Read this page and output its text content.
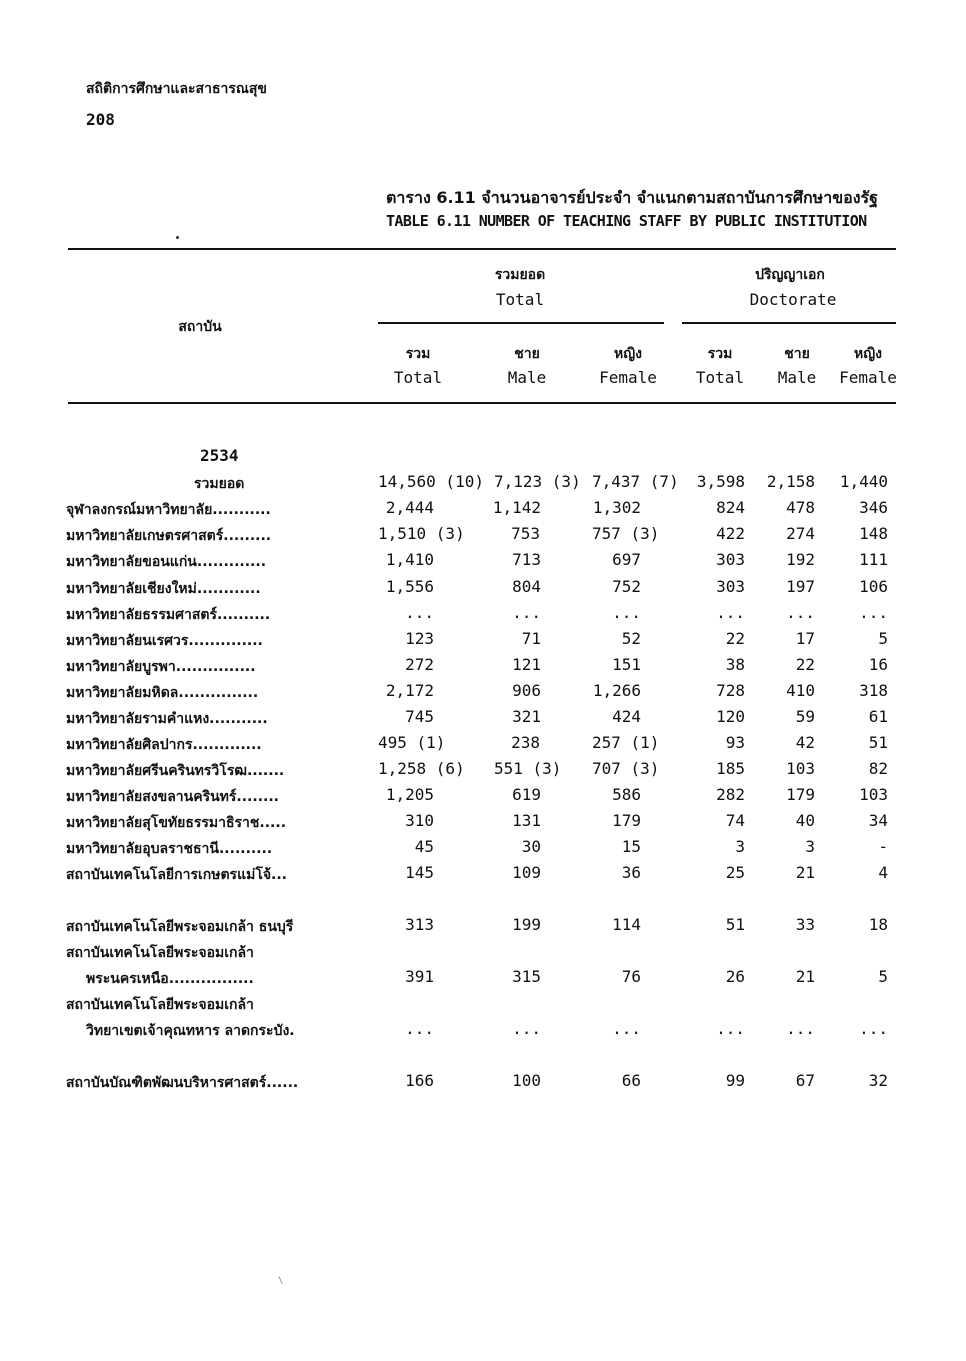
สถิติการศึกษาและสาธารณสุข
208
ตาราง 6.11 จำนวนอาจารย์ประจำ จำแนกตามสถาบันการศึกษาของรัฐ
TABLE 6.11 NUMBER OF TEACHING STAFF BY PUBLIC INSTITUTION
สถาบัน
รวมยอด
Total
ปริญญาเอก
Doctorate
รวม
Total
ชาย
Male
หญิง
Female
รวม
Total
ชาย
Male
หญิง
Female
2534
รวมยอด	14,560 (10) 7,123 (3) 7,437 (7)	3,598	2,158	1,440
จุฬาลงกรณ์มหาวิทยาลัย...........	2,444	1,142	1,302	824	478	346
มหาวิทยาลัยเกษตรศาสตร์.........	1,510 (3)	753	757 (3)	422	274	148
มหาวิทยาลัยขอนแก่น.............	1,410	713	697	303	192	111
มหาวิทยาลัยเชียงใหม่............	1,556	804	752	303	197	106
มหาวิทยาลัยธรรมศาสตร์..........	...	...	...	...	...	...
มหาวิทยาลัยนเรศวร..............	123	71	52	22	17	5
มหาวิทยาลัยบูรพา...............	272	121	151	38	22	16
มหาวิทยาลัยมหิดล...............	2,172	906	1,266	728	410	318
มหาวิทยาลัยรามคำแหง...........	745	321	424	120	59	61
มหาวิทยาลัยศิลปากร.............	495 (1)	238	257 (1)	93	42	51
มหาวิทยาลัยศรีนครินทรวิโรฒ.......	1,258 (6) 551 (3) 707 (3)	185	103	82
มหาวิทยาลัยสงขลานครินทร์........	1,205	619	586	282	179	103
มหาวิทยาลัยสุโขทัยธรรมาธิราช.....	310	131	179	74	40	34
มหาวิทยาลัยอุบลราชธานี..........	45	30	15	3	3	-
สถาบันเทคโนโลยีการเกษตรแม่โจ้...	145	109	36	25	21	4
สถาบันเทคโนโลยีพระจอมเกล้า ธนบุรี	313	199	114	51	33	18
สถาบันเทคโนโลยีพระจอมเกล้า
พระนครเหนือ................	391	315	76	26	21	5
สถาบันเทคโนโลยีพระจอมเกล้า
วิทยาเขตเจ้าคุณทหาร ลาดกระบัง.	...	...	...	...	...	...
สถาบันบัณฑิตพัฒนบริหารศาสตร์......	166	100	66	99	67	32
\
